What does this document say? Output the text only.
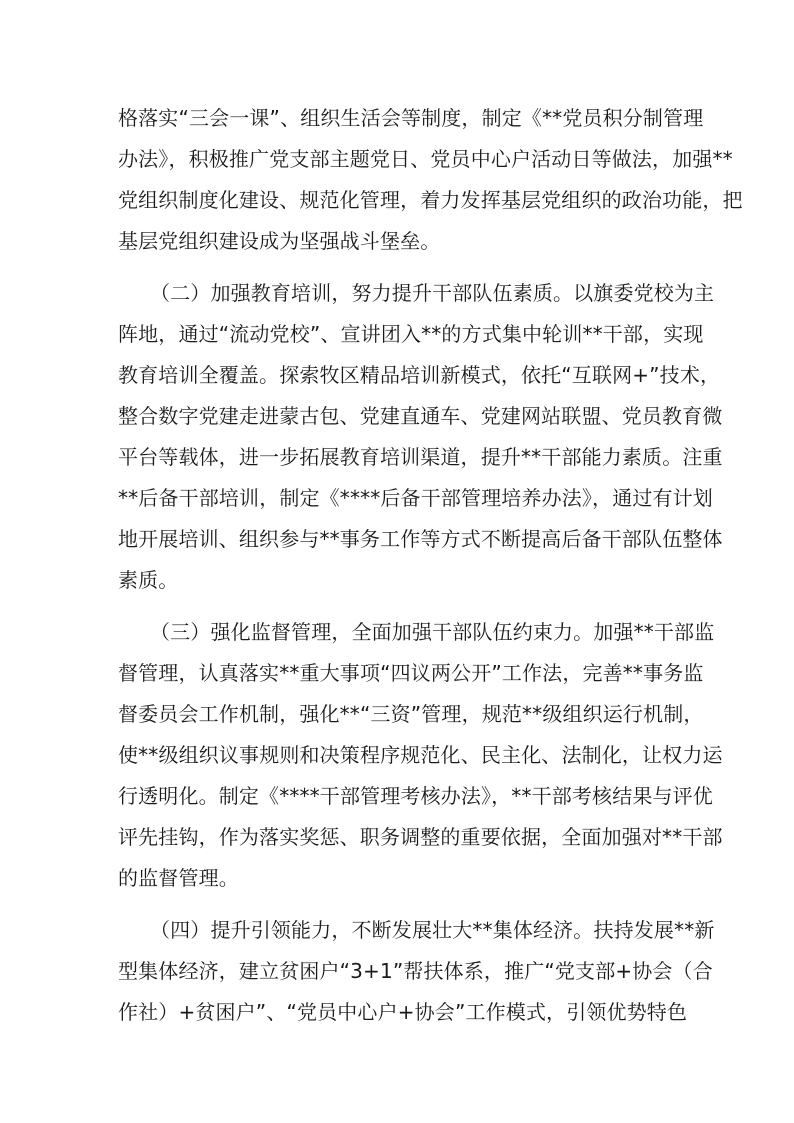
格落实“三会一课”、组织生活会等制度，制定《**党员积分制管理
办法》，积极推广党支部主题党日、党员中心户活动日等做法，加强**
党组织制度化建设、规范化管理，着力发挥基层党组织的政治功能，把
基层党组织建设成为坚强战斗堡垒。
（二）加强教育培训，努力提升干部队伍素质。以旗委党校为主
阵地，通过“流动党校”、宣讲团入**的方式集中轮训**干部，实现
教育培训全覆盖。探索牧区精品培训新模式，依托“互联网+”技术，
整合数字党建走进蒙古包、党建直通车、党建网站联盟、党员教育微
平台等载体，进一步拓展教育培训渠道，提升**干部能力素质。注重
**后备干部培训，制定《****后备干部管理培养办法》，通过有计划
地开展培训、组织参与**事务工作等方式不断提高后备干部队伍整体
素质。
（三）强化监督管理，全面加强干部队伍约束力。加强**干部监
督管理，认真落实**重大事项“四议两公开”工作法，完善**事务监
督委员会工作机制，强化**“三资”管理，规范**级组织运行机制，
使**级组织议事规则和决策程序规范化、民主化、法制化，让权力运
行透明化。制定《****干部管理考核办法》，**干部考核结果与评优
评先挂钩，作为落实奖惩、职务调整的重要依据，全面加强对**干部
的监督管理。
（四）提升引领能力，不断发展壮大**集体经济。扶持发展**新
型集体经济，建立贫困户“3+1”帮扶体系，推广“党支部+协会（合
作社）+贫困户”、“党员中心户+协会”工作模式，引领优势特色
